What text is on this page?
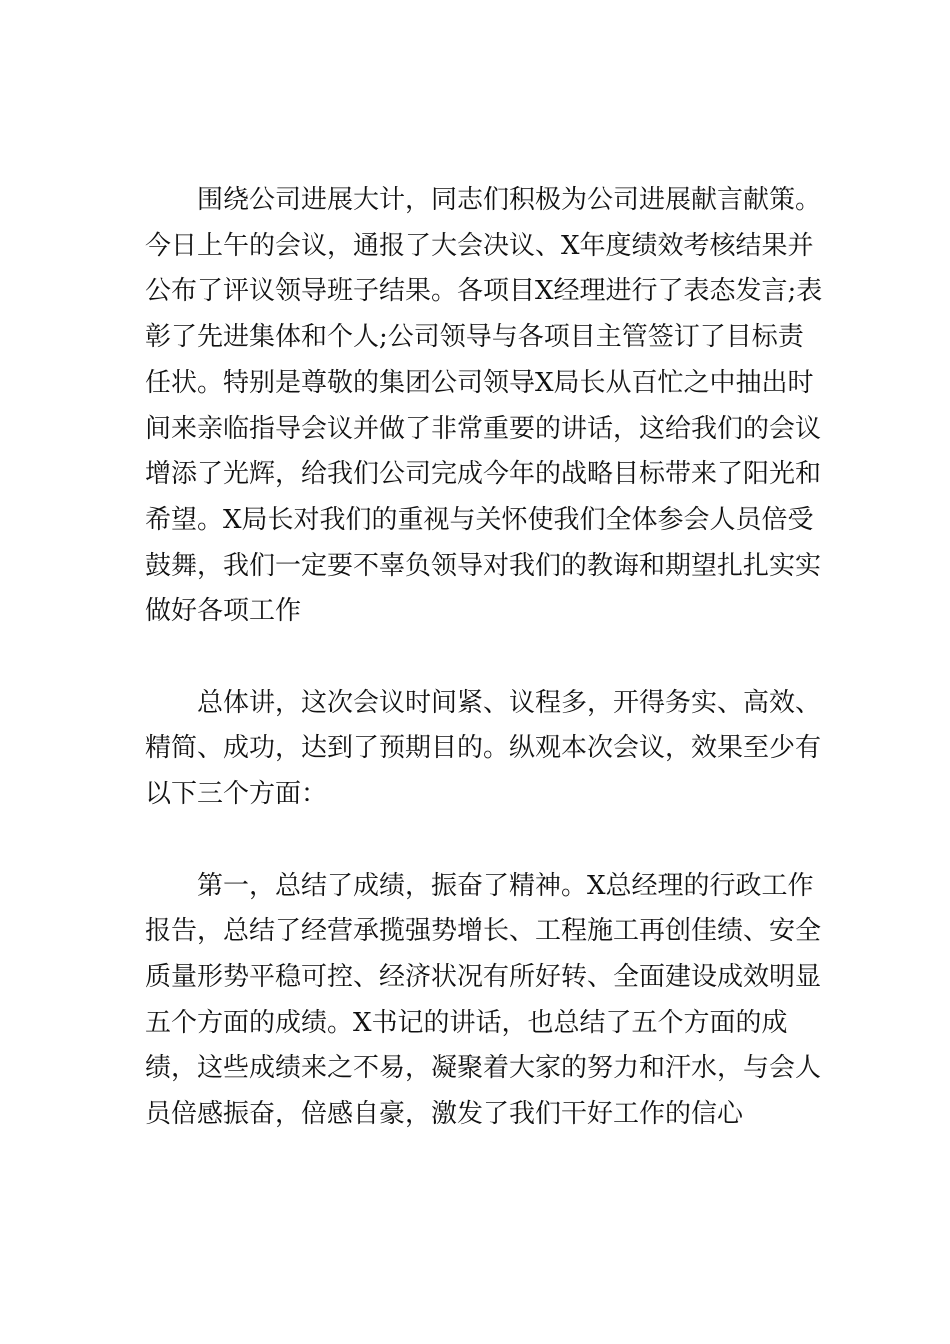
围绕公司进展大计，同志们积极为公司进展献言献策。今日上午的会议，通报了大会决议、X年度绩效考核结果并公布了评议领导班子结果。各项目X经理进行了表态发言;表彰了先进集体和个人;公司领导与各项目主管签订了目标责任状。特别是尊敬的集团公司领导X局长从百忙之中抽出时间来亲临指导会议并做了非常重要的讲话，这给我们的会议增添了光辉，给我们公司完成今年的战略目标带来了阳光和希望。X局长对我们的重视与关怀使我们全体参会人员倍受鼓舞，我们一定要不辜负领导对我们的教诲和期望扎扎实实做好各项工作

总体讲，这次会议时间紧、议程多，开得务实、高效、精简、成功，达到了预期目的。纵观本次会议，效果至少有以下三个方面：

第一，总结了成绩，振奋了精神。X总经理的行政工作报告，总结了经营承揽强势增长、工程施工再创佳绩、安全质量形势平稳可控、经济状况有所好转、全面建设成效明显五个方面的成绩。X书记的讲话，也总结了五个方面的成绩，这些成绩来之不易，凝聚着大家的努力和汗水，与会人员倍感振奋，倍感自豪，激发了我们干好工作的信心
